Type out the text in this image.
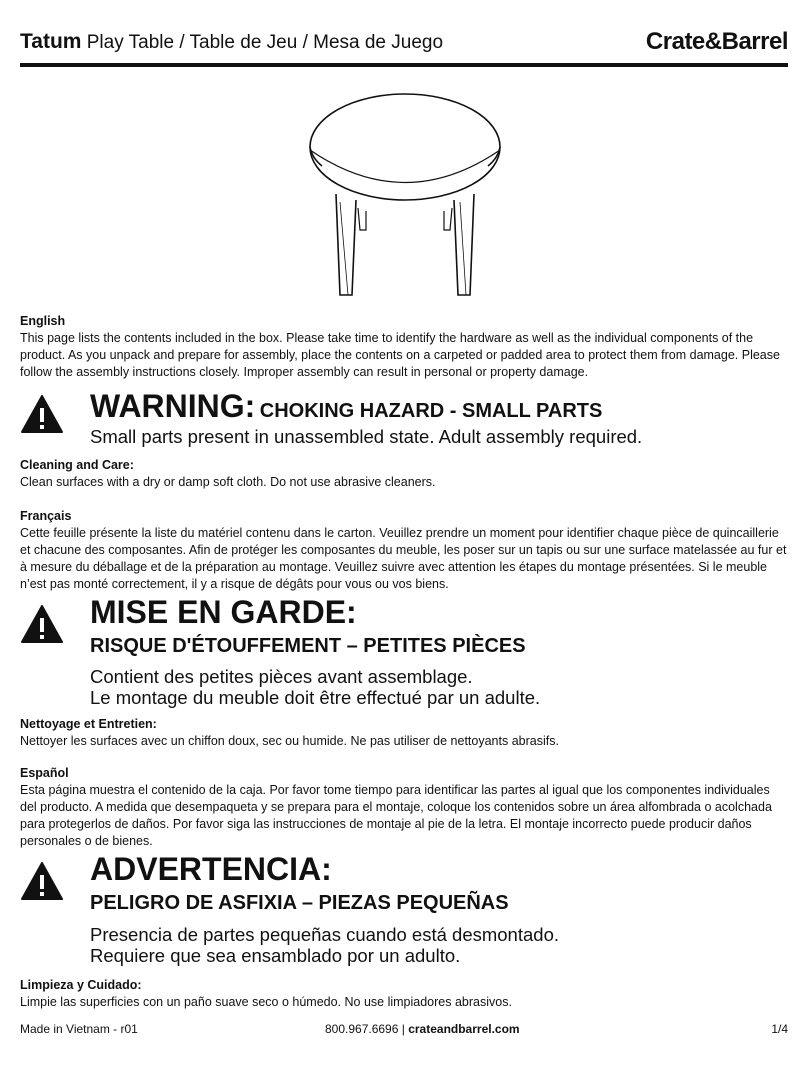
Tatum Play Table / Table de Jeu / Mesa de Juego	Crate&Barrel
English
This page lists the contents included in the box. Please take time to identify the hardware as well as the individual components of the product. As you unpack and prepare for assembly, place the contents on a carpeted or padded area to protect them from damage. Please follow the assembly instructions closely. Improper assembly can result in personal or property damage.
WARNING: CHOKING HAZARD - SMALL PARTS
Small parts present in unassembled state. Adult assembly required.
Cleaning and Care:
Clean surfaces with a dry or damp soft cloth. Do not use abrasive cleaners.
Français
Cette feuille présente la liste du matériel contenu dans le carton. Veuillez prendre un moment pour identifier chaque pièce de quincaillerie et chacune des composantes. Afin de protéger les composantes du meuble, les poser sur un tapis ou sur une surface matelassée au fur et à mesure du déballage et de la préparation au montage. Veuillez suivre avec attention les étapes du montage présentées. Si le meuble n’est pas monté correctement, il y a risque de dégâts pour vous ou vos biens.
MISE EN GARDE:
RISQUE D'ÉTOUFFEMENT – PETITES PIÈCES
Contient des petites pièces avant assemblage.
Le montage du meuble doit être effectué par un adulte.
Nettoyage et Entretien:
Nettoyer les surfaces avec un chiffon doux, sec ou humide. Ne pas utiliser de nettoyants abrasifs.
Español
Esta página muestra el contenido de la caja. Por favor tome tiempo para identificar las partes al igual que los componentes individuales del producto. A medida que desempaqueta y se prepara para el montaje, coloque los contenidos sobre un área alfombrada o acolchada para protegerlos de daños. Por favor siga las instrucciones de montaje al pie de la letra. El montaje incorrecto puede producir daños personales o de bienes.
ADVERTENCIA:
PELIGRO DE ASFIXIA – PIEZAS PEQUEÑAS
Presencia de partes pequeñas cuando está desmontado.
Requiere que sea ensamblado por un adulto.
Limpieza y Cuidado:
Limpie las superficies con un paño suave seco o húmedo. No use limpiadores abrasivos.
Made in Vietnam - r01	800.967.6696 | crateandbarrel.com	1/4
